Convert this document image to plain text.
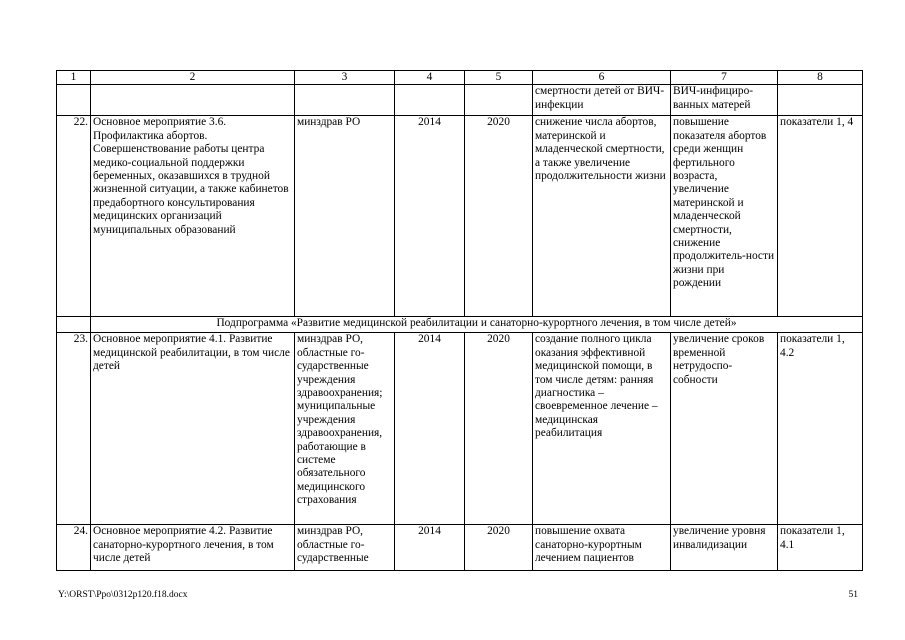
1	2	3	4	5	6	7	8
					смертности детей от ВИЧ-инфекции	ВИЧ-инфициро-ванных матерей	
22.	Основное мероприятие 3.6. Профилактика абортов. Совершенствование работы центра медико-социальной поддержки беременных, оказавшихся в трудной жизненной ситуации, а также кабинетов предабортного консультирования медицинских организаций муниципальных образований	минздрав РО	2014	2020	снижение числа абортов, материнской и младенческой смертности, а также увеличение продолжительности жизни	повышение показателя абортов среди женщин фертильного возраста, увеличение материнской и младенческой смертности, снижение продолжитель-ности жизни при рождении	показатели 1, 4
	Подпрограмма «Развитие медицинской реабилитации и санаторно-курортного лечения, в том числе детей»						
23.	Основное мероприятие 4.1. Развитие медицинской реабилитации, в том числе детей	минздрав РО, областные го-сударственные учреждения здравоохранения; муниципальные учреждения здравоохранения, работающие в системе обязательного медицинского страхования	2014	2020	создание полного цикла оказания эффективной медицинской помощи, в том числе детям: ранняя диагностика – своевременное лечение – медицинская реабилитация	увеличение сроков временной нетрудоспо-собности	показатели 1, 4.2
24.	Основное мероприятие 4.2. Развитие санаторно-курортного лечения, в том числе детей	минздрав РО, областные го-сударственные	2014	2020	повышение охвата санаторно-курортным лечением пациентов	увеличение уровня инвалидизации	показатели 1, 4.1
Y:\ORST\Ppo\0312p120.f18.docx	51
